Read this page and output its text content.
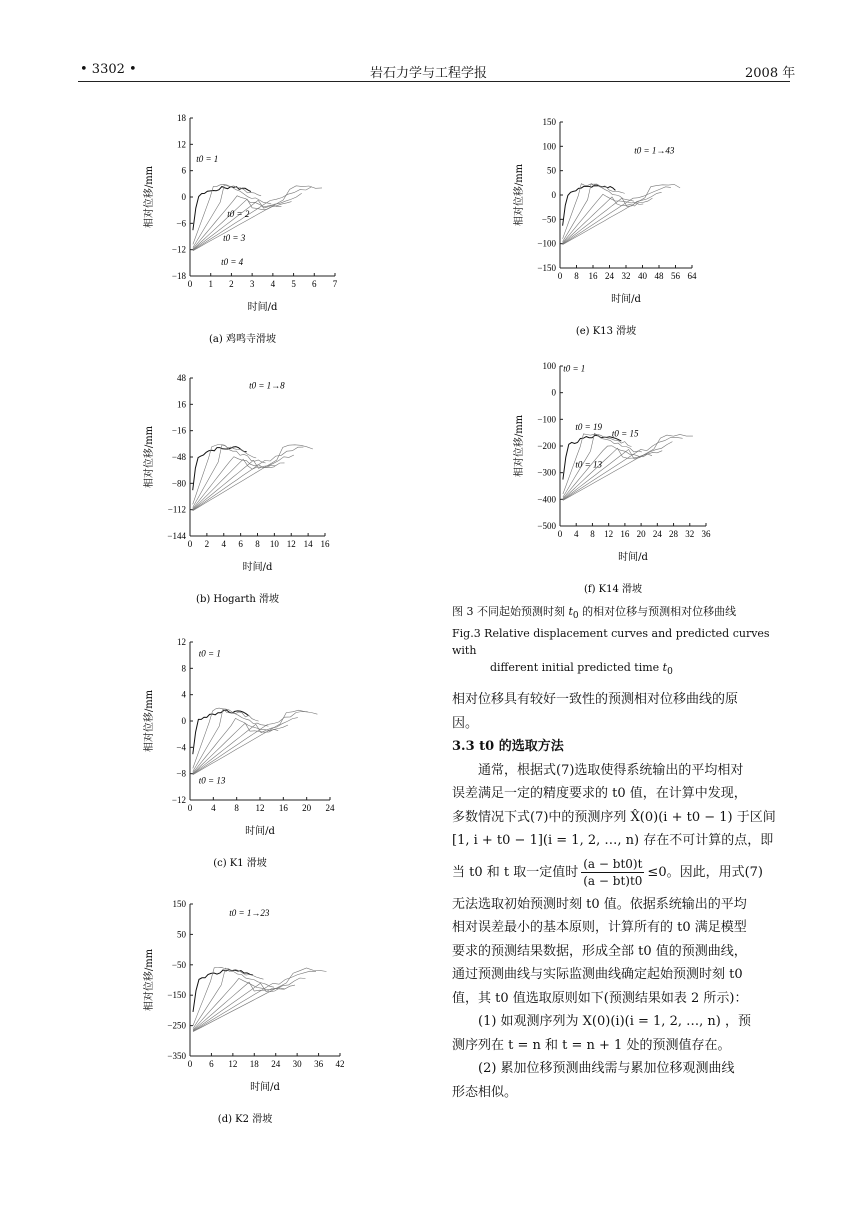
• 3302 •	岩石力学与工程学报	2008 年
0 1 2 3 4 5 6 7
18
12
6
0
−6
−12
−18
时间/d
相对位移/mm
(a) 鸡鸣寺滑坡
t0 = 1
t0 = 2
t0 = 3
t0 = 4
0 2 4 6 8 10 12 14 16
48
16
−16
−48
−80
−112
−144
时间/d
相对位移/mm
(b) Hogarth 滑坡
t0 = 1→8
0 4 8 12 16 20 24
12
8
4
0
−4
−8
−12
时间/d
相对位移/mm
(c) K1 滑坡
t0 = 1
t0 = 13
0 6 12 18 24 30 36 42
150
50
−50
−150
−250
−350
时间/d
相对位移/mm
(d) K2 滑坡
t0 = 1→23
0 8 16 24 32 40 48 56 64
150
100
50
0
−50
−100
−150
时间/d
相对位移/mm
(e) K13 滑坡
t0 = 1→43
0 4 8 12 16 20 24 28 32 36
100
0
−100
−200
−300
−400
−500
时间/d
相对位移/mm
(f) K14 滑坡
t0 = 1
t0 = 19
t0 = 15
t0 = 13
图 3 不同起始预测时刻 $t_0$ 的相对位移与预测相对位移曲线
Fig.3 Relative displacement curves and predicted curves with
different initial predicted time $t_0$

相对位移具有较好一致性的预测相对位移曲线的原

因。

3.3 t0 的选取方法

通常，根据式(7)选取使得系统输出的平均相对

误差满足一定的精度要求的 t0 值，在计算中发现，

多数情况下式(7)中的预测序列 X̂(0)(i + t0 − 1) 于区间

[1, i + t0 − 1](i = 1, 2, …, n) 存在不可计算的点，即

当 t0 和 t 取一定值时 $\frac{(a - bt0)t}{(a - bt)t0} \le 0$。因此，用式(7)

无法选取初始预测时刻 t0 值。依据系统输出的平均

相对误差最小的基本原则，计算所有的 t0 满足模型

要求的预测结果数据，形成全部 t0 值的预测曲线，

通过预测曲线与实际监测曲线确定起始预测时刻 t0

值，其 t0 值选取原则如下(预测结果如表 2 所示)：

(1) 如观测序列为 X(0)(i)(i = 1, 2, …, n) ，预

测序列在 t = n 和 t = n + 1 处的预测值存在。

(2) 累加位移预测曲线需与累加位移观测曲线

形态相似。
